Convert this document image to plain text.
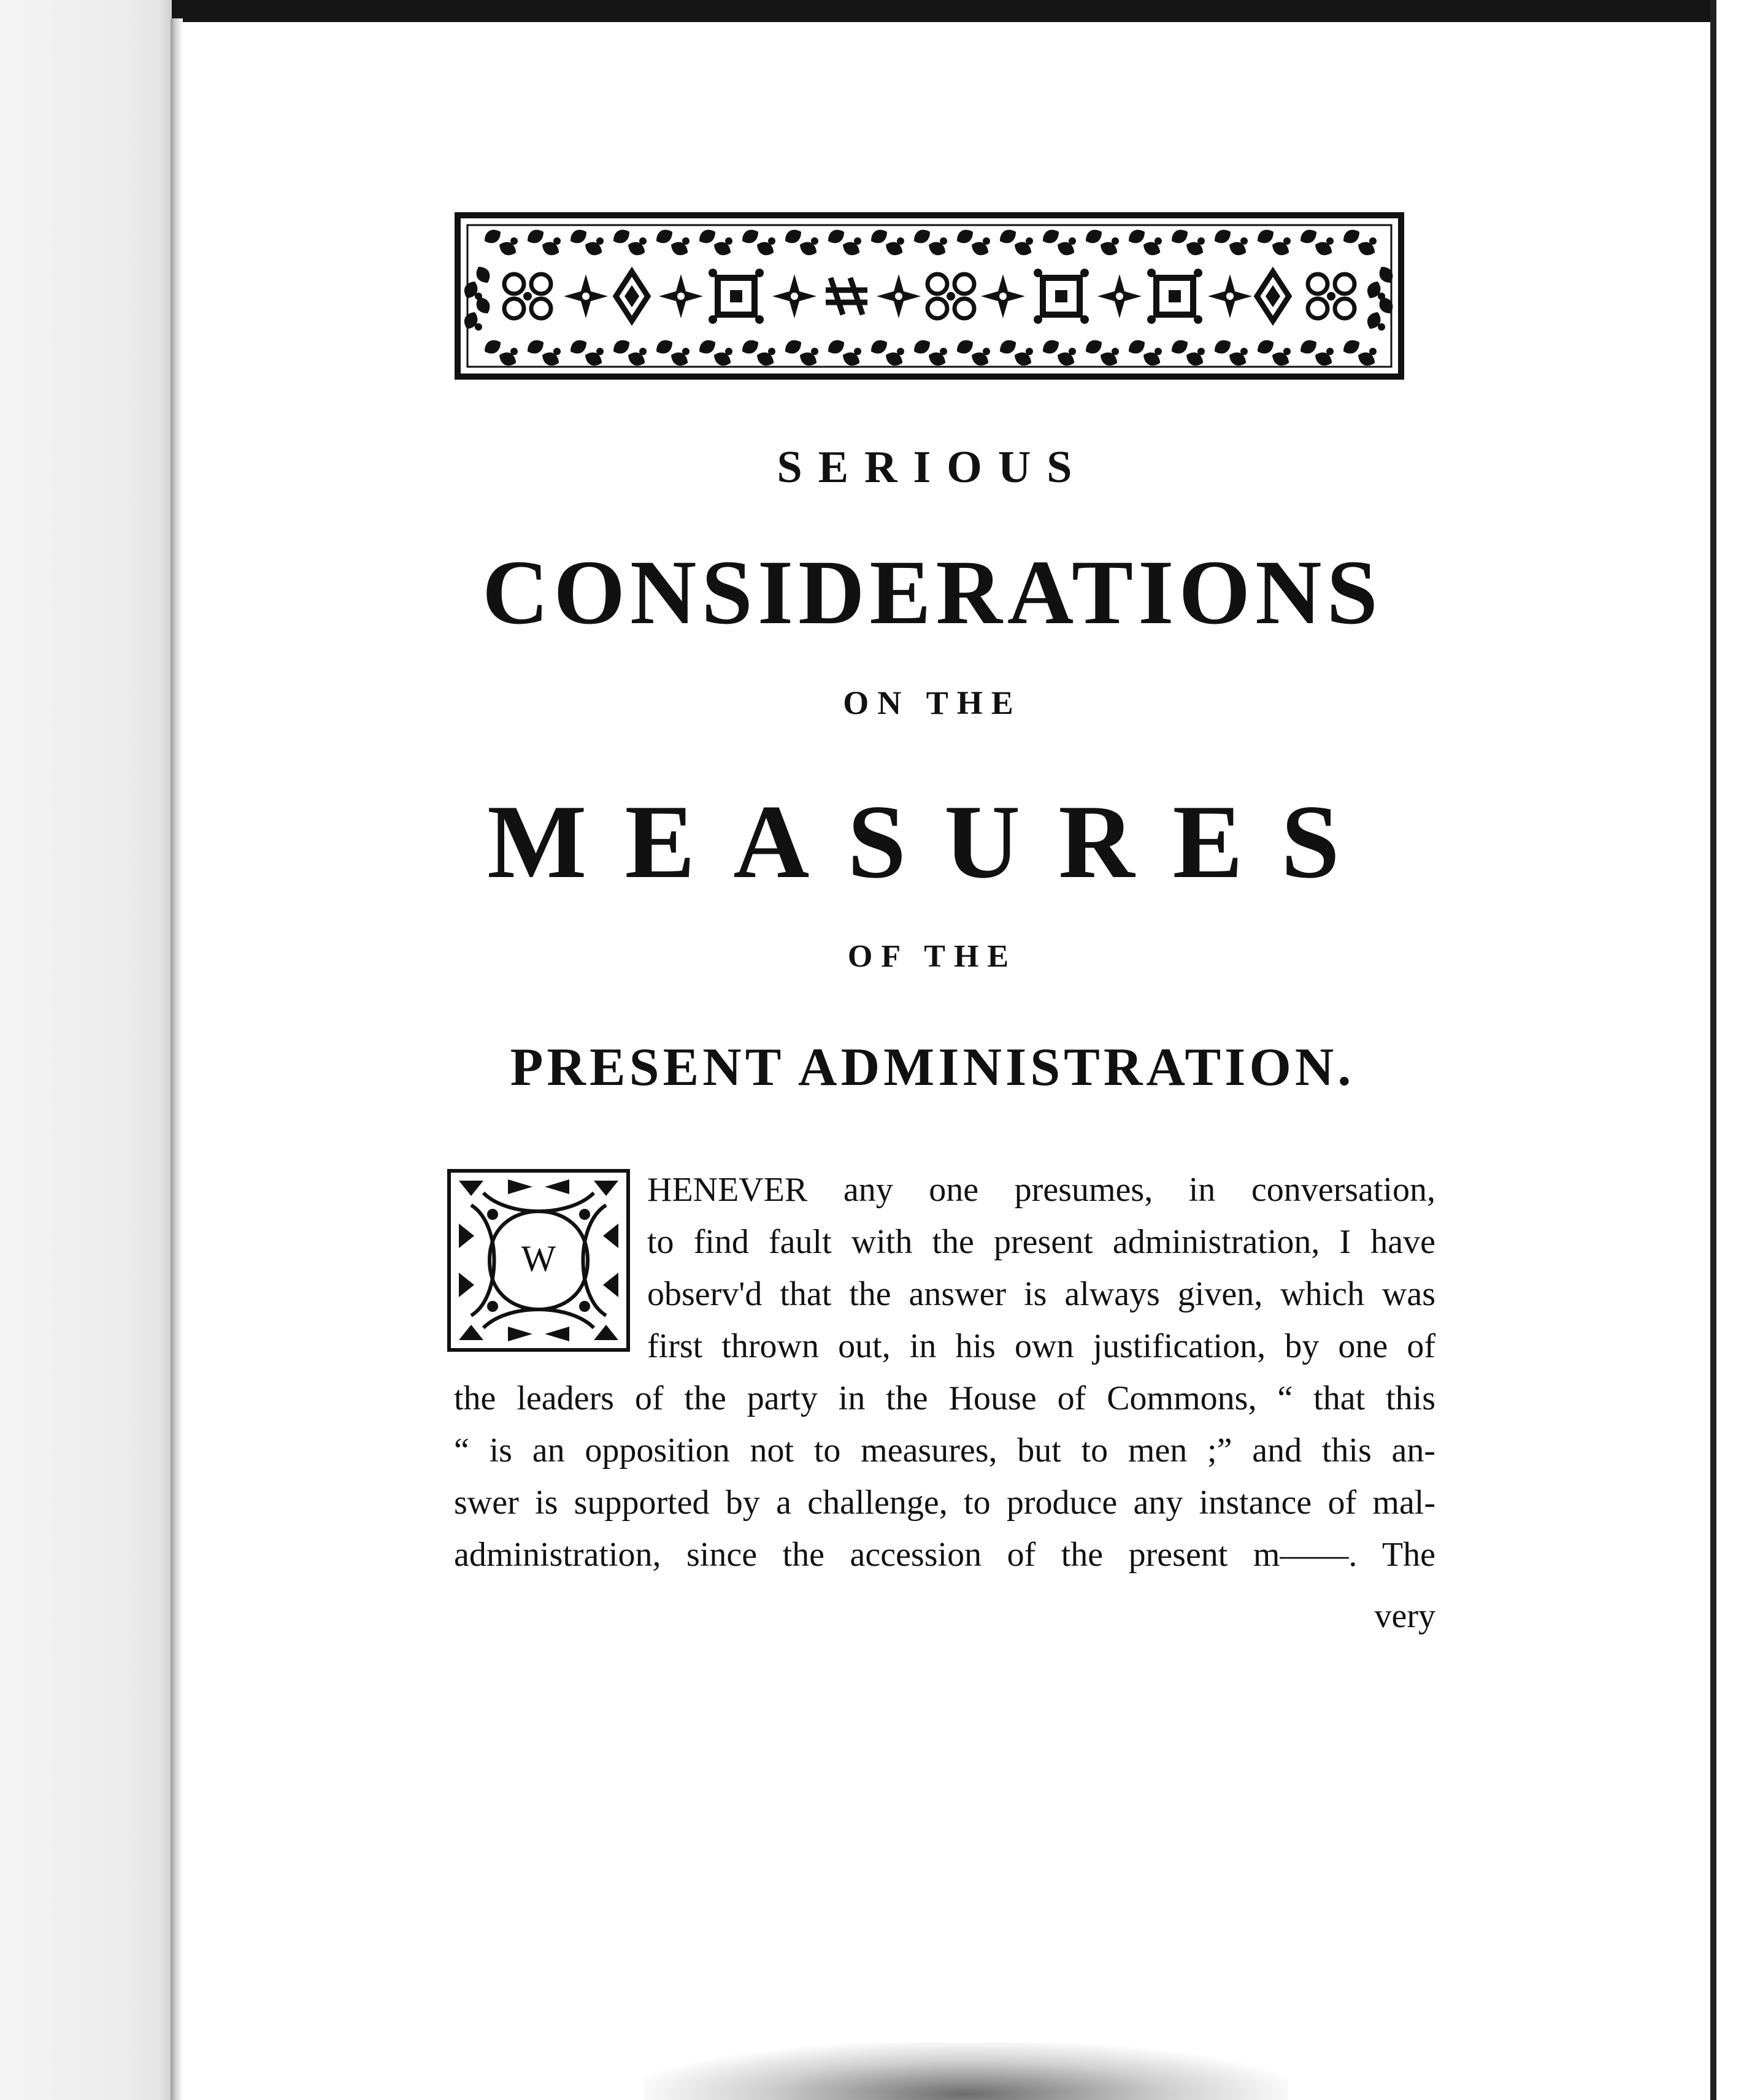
SERIOUS
CONSIDERATIONS
ON THE
MEASURES
OF THE
PRESENT ADMINISTRATION.
W
HENEVER any one presumes, in conversation,
to find fault with the present administration, I have
observ'd that the answer is always given, which was
first thrown out, in his own justification, by one of
the leaders of the party in the House of Commons, “ that this
“ is an opposition not to measures, but to men ;” and this an-
swer is supported by a challenge, to produce any instance of mal-
administration, since the accession of the present m——. The
very
